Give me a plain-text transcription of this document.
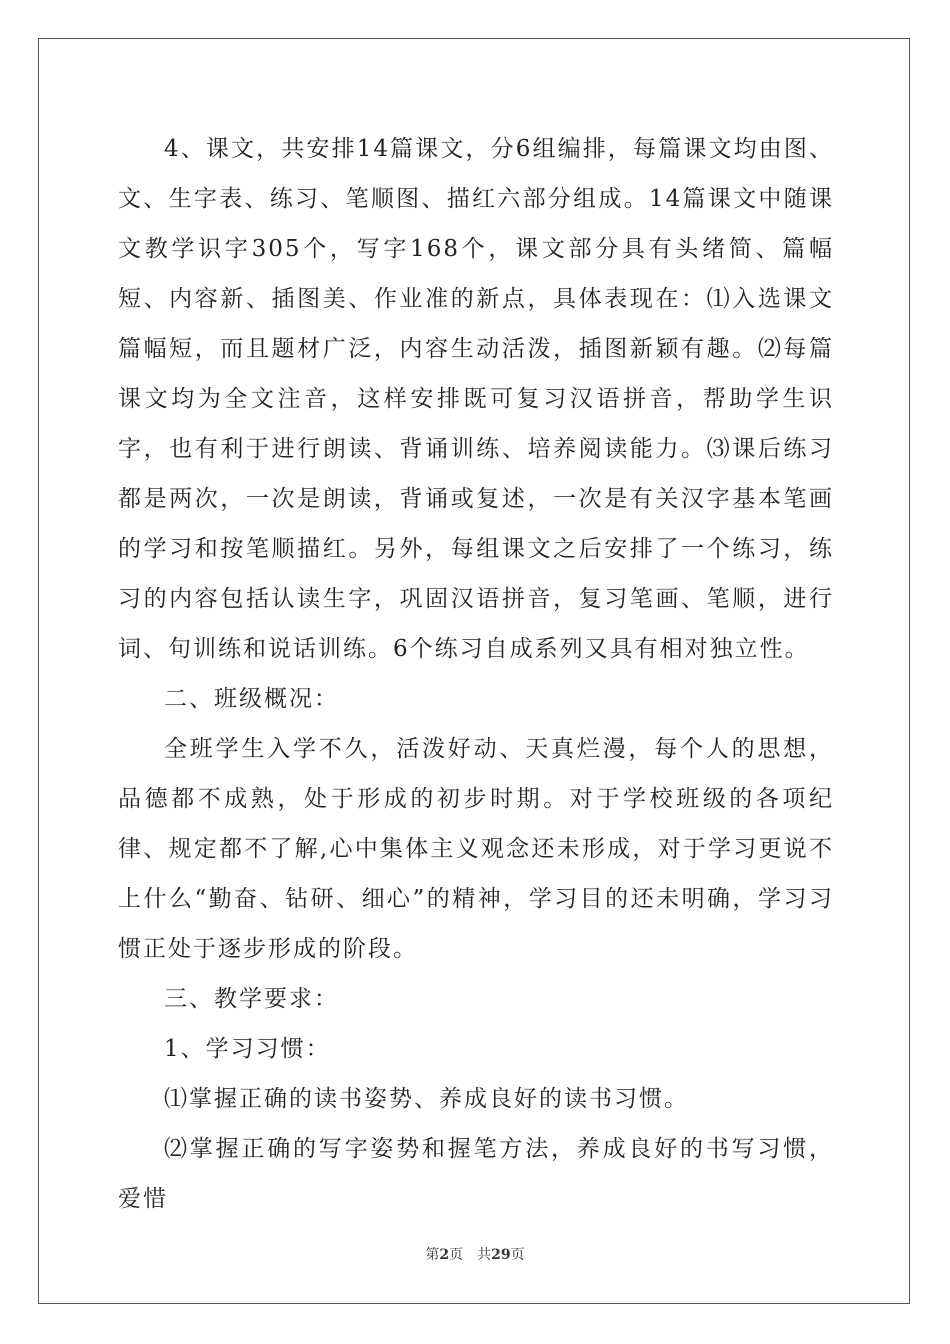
4、课文，共安排14篇课文，分6组编排，每篇课文均由图、文、生字表、练习、笔顺图、描红六部分组成。14篇课文中随课文教学识字305个，写字168个，课文部分具有头绪简、篇幅短、内容新、插图美、作业准的新点，具体表现在：⑴入选课文篇幅短，而且题材广泛，内容生动活泼，插图新颖有趣。⑵每篇课文均为全文注音，这样安排既可复习汉语拼音，帮助学生识字，也有利于进行朗读、背诵训练、培养阅读能力。⑶课后练习都是两次，一次是朗读，背诵或复述，一次是有关汉字基本笔画的学习和按笔顺描红。另外，每组课文之后安排了一个练习，练习的内容包括认读生字，巩固汉语拼音，复习笔画、笔顺，进行词、句训练和说话训练。6个练习自成系列又具有相对独立性。

二、班级概况：

全班学生入学不久，活泼好动、天真烂漫，每个人的思想，品德都不成熟，处于形成的初步时期。对于学校班级的各项纪律、规定都不了解,心中集体主义观念还未形成，对于学习更说不上什么“勤奋、钻研、细心”的精神，学习目的还未明确，学习习惯正处于逐步形成的阶段。

三、教学要求：

1、学习习惯：

⑴掌握正确的读书姿势、养成良好的读书习惯。

⑵掌握正确的写字姿势和握笔方法，养成良好的书写习惯，爱惜

第2页 共29页
